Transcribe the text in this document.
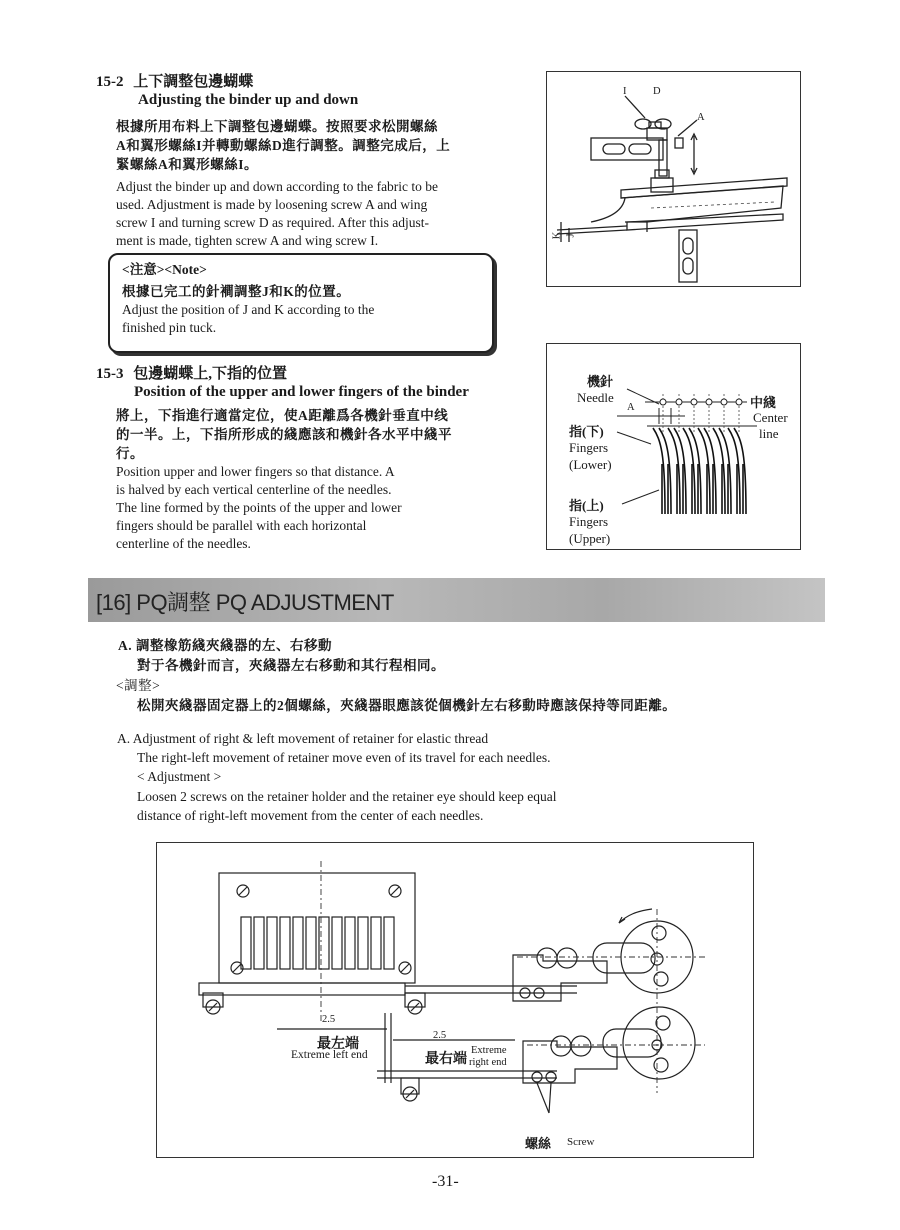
15-2 上下調整包邊蝴蝶
Adjusting the binder up and down
根據所用布料上下調整包邊蝴蝶。按照要求松開螺絲
A和翼形螺絲I并轉動螺絲D進行調整。調整完成后，上
緊螺絲A和翼形螺絲I。
Adjust the binder up and down according to the fabric to be
used. Adjustment is made by loosening screw A and wing
screw I and turning screw D as required. After this adjust-
ment is made, tighten screw A and wing screw I.
<注意><Note>
根據已完工的針襇調整J和K的位置。
Adjust the position of J and K according to the
finished pin tuck.
I	D
A
K J
15-3 包邊蝴蝶上,下指的位置
Position of the upper and lower fingers of the binder
將上，下指進行適當定位，使A距離爲各機針垂直中线
的一半。上，下指所形成的綫應該和機針各水平中綫平
行。
Position upper and lower fingers so that distance. A
is halved by each vertical centerline of the needles.
The line formed by the points of the upper and lower
fingers should be parallel with each horizontal
centerline of the needles.
機針
Needle
A	中綫
Center
line
指(下)
Fingers
(Lower)
指(上)
Fingers
(Upper)
[16] PQ調整 PQ ADJUSTMENT
A. 調整橡筋綫夾綫器的左、右移動
對于各機針而言，夾綫器左右移動和其行程相同。
<調整>
松開夾綫器固定器上的2個螺絲，夾綫器眼應該從個機針左右移動時應該保持等同距離。
A. Adjustment of right & left movement of retainer for elastic thread
The right-left movement of retainer move even of its travel for each needles.
< Adjustment >
Loosen 2 screws on the retainer holder and the retainer eye should keep equal
distance of right-left movement from the center of each needles.
2.5
2.5
最左端
Extreme left end	最右端
Extreme
right end
螺絲 Screw
-31-
